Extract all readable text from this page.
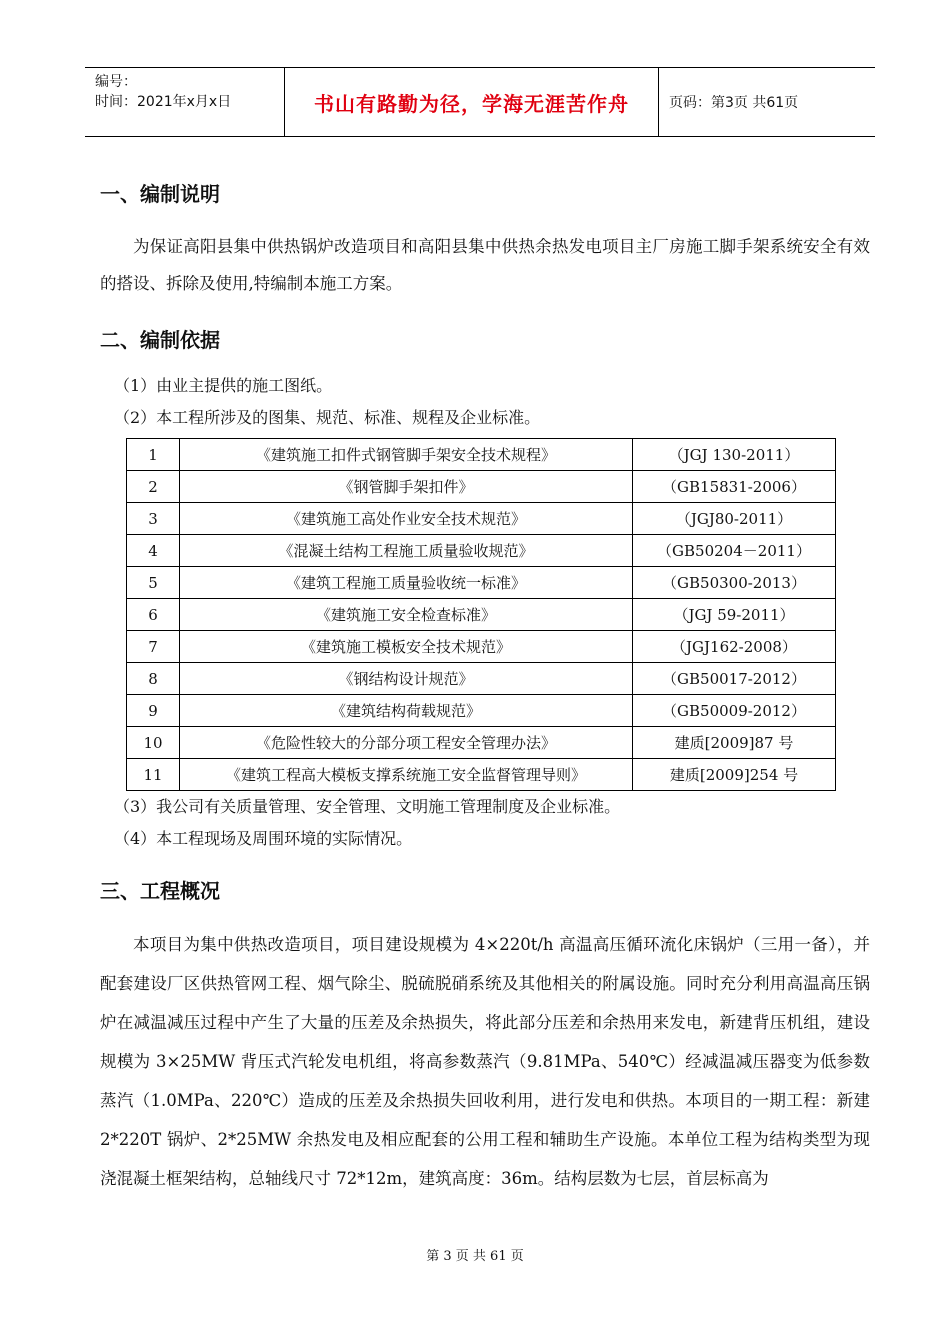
编号：
时间：2021年x月x日	书山有路勤为径，学海无涯苦作舟	页码：第3页 共61页
一、编制说明

为保证高阳县集中供热锅炉改造项目和高阳县集中供热余热发电项目主厂房施工脚手架系统安全有效的搭设、拆除及使用,特编制本施工方案。

二、编制依据

（1）由业主提供的施工图纸。

（2）本工程所涉及的图集、规范、标准、规程及企业标准。

1	《建筑施工扣件式钢管脚手架安全技术规程》	（JGJ 130-2011）
2	《钢管脚手架扣件》	（GB15831-2006）
3	《建筑施工高处作业安全技术规范》	（JGJ80-2011）
4	《混凝土结构工程施工质量验收规范》	（GB50204－2011）
5	《建筑工程施工质量验收统一标准》	（GB50300-2013）
6	《建筑施工安全检查标准》	（JGJ 59-2011）
7	《建筑施工模板安全技术规范》	（JGJ162-2008）
8	《钢结构设计规范》	（GB50017-2012）
9	《建筑结构荷载规范》	（GB50009-2012）
10	《危险性较大的分部分项工程安全管理办法》	建质[2009]87 号
11	《建筑工程高大模板支撑系统施工安全监督管理导则》	建质[2009]254 号

（3）我公司有关质量管理、安全管理、文明施工管理制度及企业标准。

（4）本工程现场及周围环境的实际情况。

三、工程概况

本项目为集中供热改造项目，项目建设规模为 4×220t/h 高温高压循环流化床锅炉（三用一备），并配套建设厂区供热管网工程、烟气除尘、脱硫脱硝系统及其他相关的附属设施。同时充分利用高温高压锅炉在减温减压过程中产生了大量的压差及余热损失，将此部分压差和余热用来发电，新建背压机组，建设规模为 3×25MW 背压式汽轮发电机组，将高参数蒸汽（9.81MPa、540℃）经减温减压器变为低参数蒸汽（1.0MPa、220℃）造成的压差及余热损失回收利用，进行发电和供热。本项目的一期工程：新建 2*220T 锅炉、2*25MW 余热发电及相应配套的公用工程和辅助生产设施。本单位工程为结构类型为现浇混凝土框架结构，总轴线尺寸 72*12m，建筑高度：36m。结构层数为七层，首层标高为

第 3 页 共 61 页
